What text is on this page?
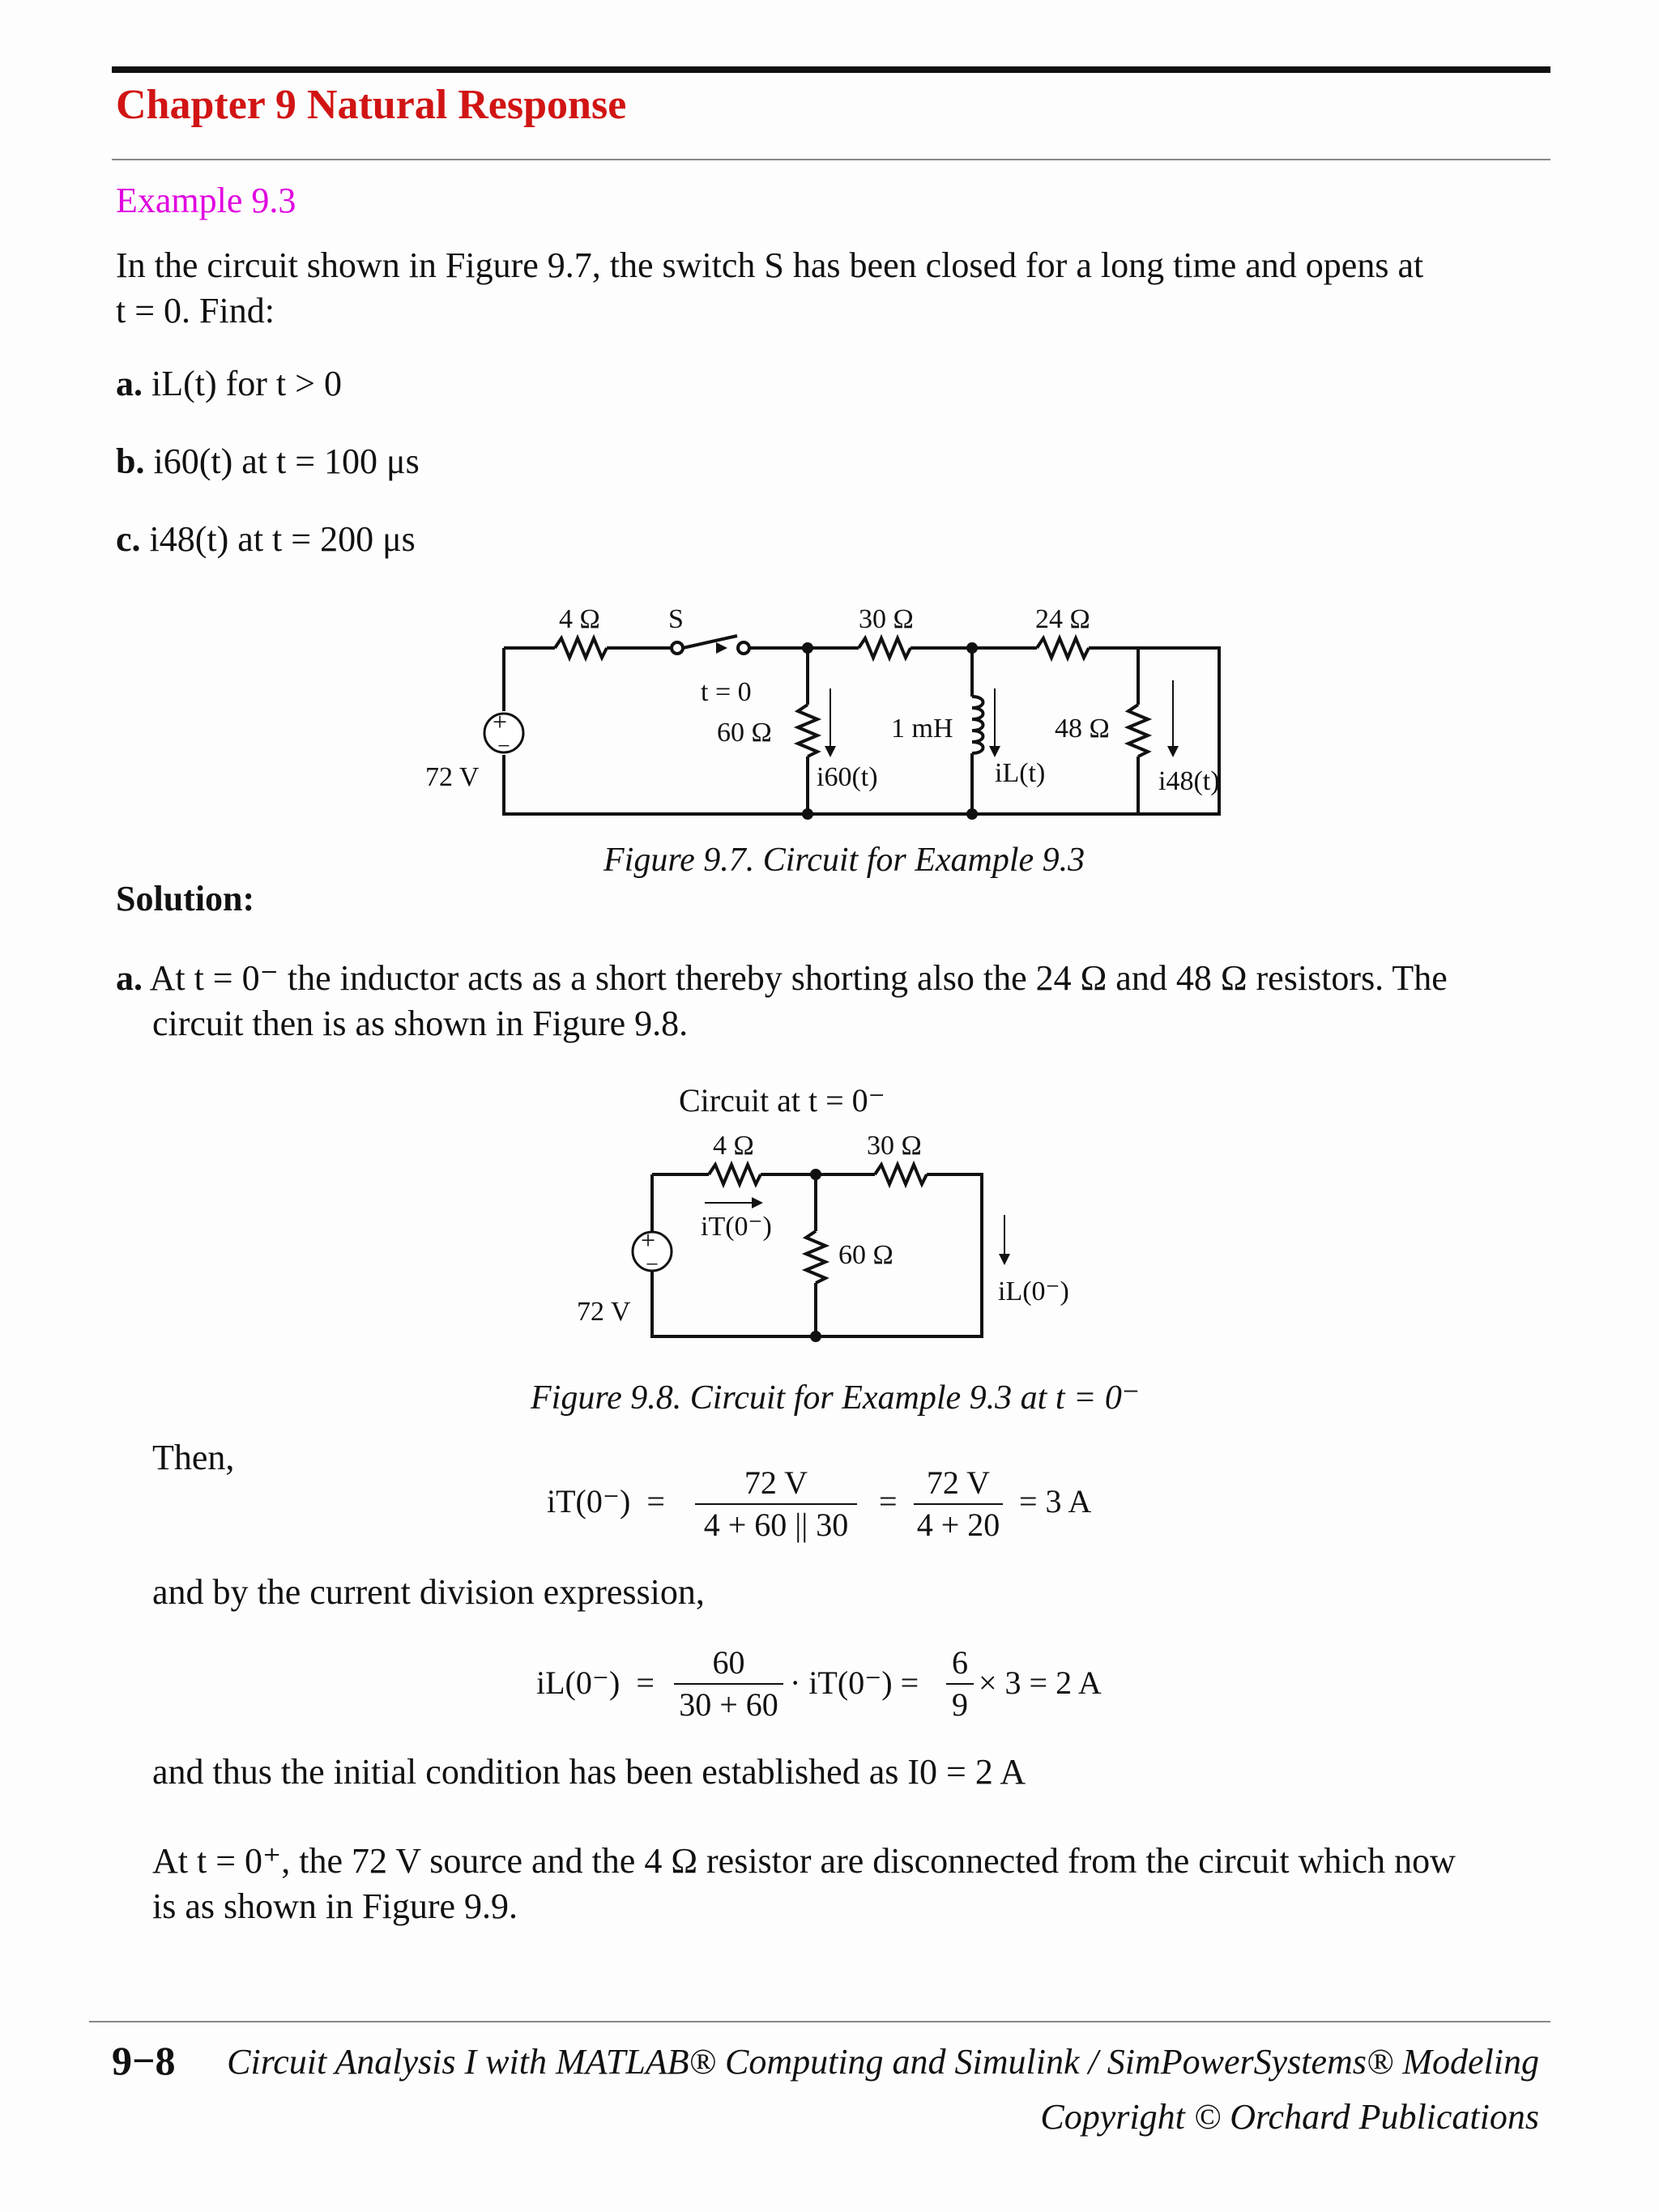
Chapter 9 Natural Response
Example 9.3
In the circuit shown in Figure 9.7, the switch S has been closed for a long time and opens at
t = 0. Find:
a. iL(t) for t > 0
b. i60(t) at t = 100 μs
c. i48(t) at t = 200 μs
+
−
4 Ω S
t = 0
30 Ω	24 Ω
60 Ω	1 mH	48 Ω
72 V	i60(t)	iL(t)	i48(t)
Figure 9.7. Circuit for Example 9.3
Solution:
a. At t = 0⁻ the inductor acts as a short thereby shorting also the 24 Ω and 48 Ω resistors. The
circuit then is as shown in Figure 9.8.
Circuit at t = 0⁻
+
−
4 Ω	30 Ω
iT(0⁻)
60 Ω
iL(0⁻)
72 V
Figure 9.8. Circuit for Example 9.3 at t = 0⁻
Then,
iT(0⁻) =
72 V
4 + 60 || 30
=
72 V
4 + 20
= 3 A
and by the current division expression,
iL(0⁻) =
60
30 + 60
· iT(0⁻) =
6
9
× 3 = 2 A
and thus the initial condition has been established as I0 = 2 A
At t = 0⁺, the 72 V source and the 4 Ω resistor are disconnected from the circuit which now
is as shown in Figure 9.9.
9−8 Circuit Analysis I with MATLAB® Computing and Simulink / SimPowerSystems® Modeling
Copyright © Orchard Publications
